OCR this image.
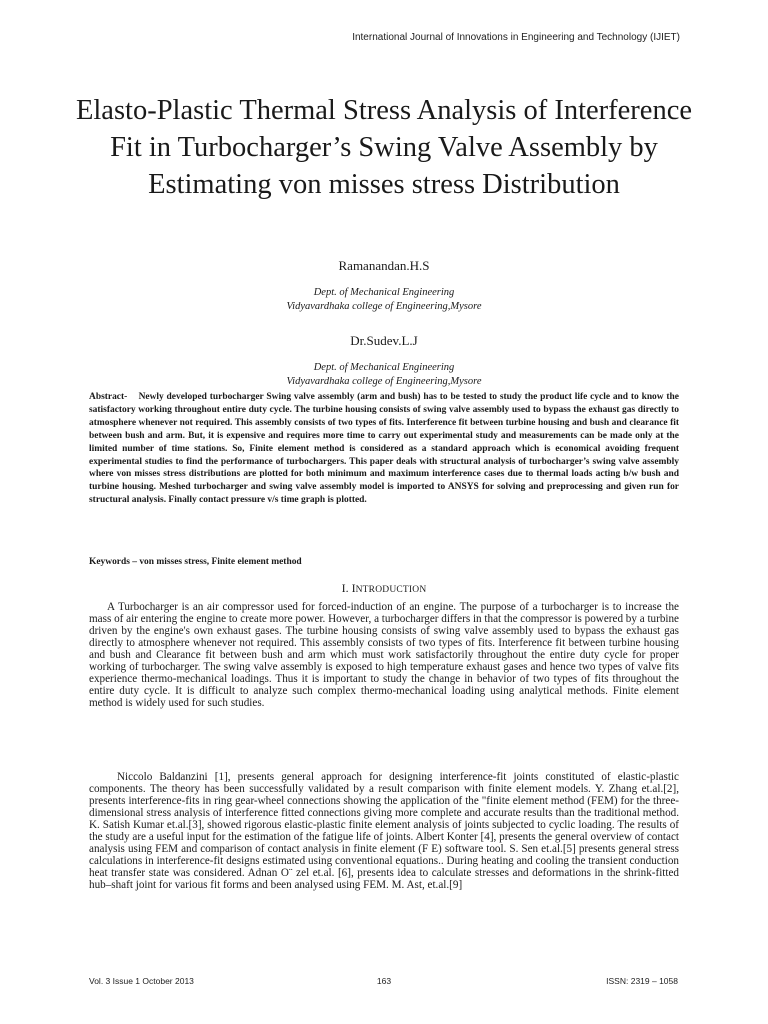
International Journal of Innovations in Engineering and Technology (IJIET)
Elasto-Plastic Thermal Stress Analysis of Interference Fit in Turbocharger’s Swing Valve Assembly by Estimating von misses stress Distribution
Ramanandan.H.S
Dept. of Mechanical Engineering
Vidyavardhaka college of Engineering,Mysore
Dr.Sudev.L.J
Dept. of Mechanical Engineering
Vidyavardhaka college of Engineering,Mysore
Abstract- Newly developed turbocharger Swing valve assembly (arm and bush) has to be tested to study the product life cycle and to know the satisfactory working throughout entire duty cycle. The turbine housing consists of swing valve assembly used to bypass the exhaust gas directly to atmosphere whenever not required. This assembly consists of two types of fits. Interference fit between turbine housing and bush and clearance fit between bush and arm. But, it is expensive and requires more time to carry out experimental study and measurements can be made only at the limited number of time stations. So, Finite element method is considered as a standard approach which is economical avoiding frequent experimental studies to find the performance of turbochargers. This paper deals with structural analysis of turbocharger’s swing valve assembly where von misses stress distributions are plotted for both minimum and maximum interference cases due to thermal loads acting b/w bush and turbine housing. Meshed turbocharger and swing valve assembly model is imported to ANSYS for solving and preprocessing and given run for structural analysis. Finally contact pressure v/s time graph is plotted.
Keywords – von misses stress, Finite element method
I. INTRODUCTION
A Turbocharger is an air compressor used for forced-induction of an engine. The purpose of a turbocharger is to increase the mass of air entering the engine to create more power. However, a turbocharger differs in that the compressor is powered by a turbine driven by the engine's own exhaust gases. The turbine housing consists of swing valve assembly used to bypass the exhaust gas directly to atmosphere whenever not required. This assembly consists of two types of fits. Interference fit between turbine housing and bush and Clearance fit between bush and arm which must work satisfactorily throughout the entire duty cycle for proper working of turbocharger. The swing valve assembly is exposed to high temperature exhaust gases and hence two types of valve fits experience thermo-mechanical loadings. Thus it is important to study the change in behavior of two types of fits throughout the entire duty cycle. It is difficult to analyze such complex thermo-mechanical loading using analytical methods. Finite element method is widely used for such studies.
Niccolo Baldanzini [1], presents general approach for designing interference-fit joints constituted of elastic-plastic components. The theory has been successfully validated by a result comparison with finite element models. Y. Zhang et.al.[2], presents interference-fits in ring gear-wheel connections showing the application of the "finite element method (FEM) for the three-dimensional stress analysis of interference fitted connections giving more complete and accurate results than the traditional method. K. Satish Kumar et.al.[3], showed rigorous elastic-plastic finite element analysis of joints subjected to cyclic loading. The results of the study are a useful input for the estimation of the fatigue life of joints. Albert Konter [4], presents the general overview of contact analysis using FEM and comparison of contact analysis in finite element (F E) software tool. S. Sen et.al.[5] presents general stress calculations in interference-fit designs estimated using conventional equations.. During heating and cooling the transient conduction heat transfer state was considered. Adnan O¨ zel et.al. [6], presents idea to calculate stresses and deformations in the shrink-fitted hub–shaft joint for various fit forms and been analysed using FEM. M. Ast, et.al.[9]
Vol. 3 Issue 1 October 2013	163	ISSN: 2319 – 1058
